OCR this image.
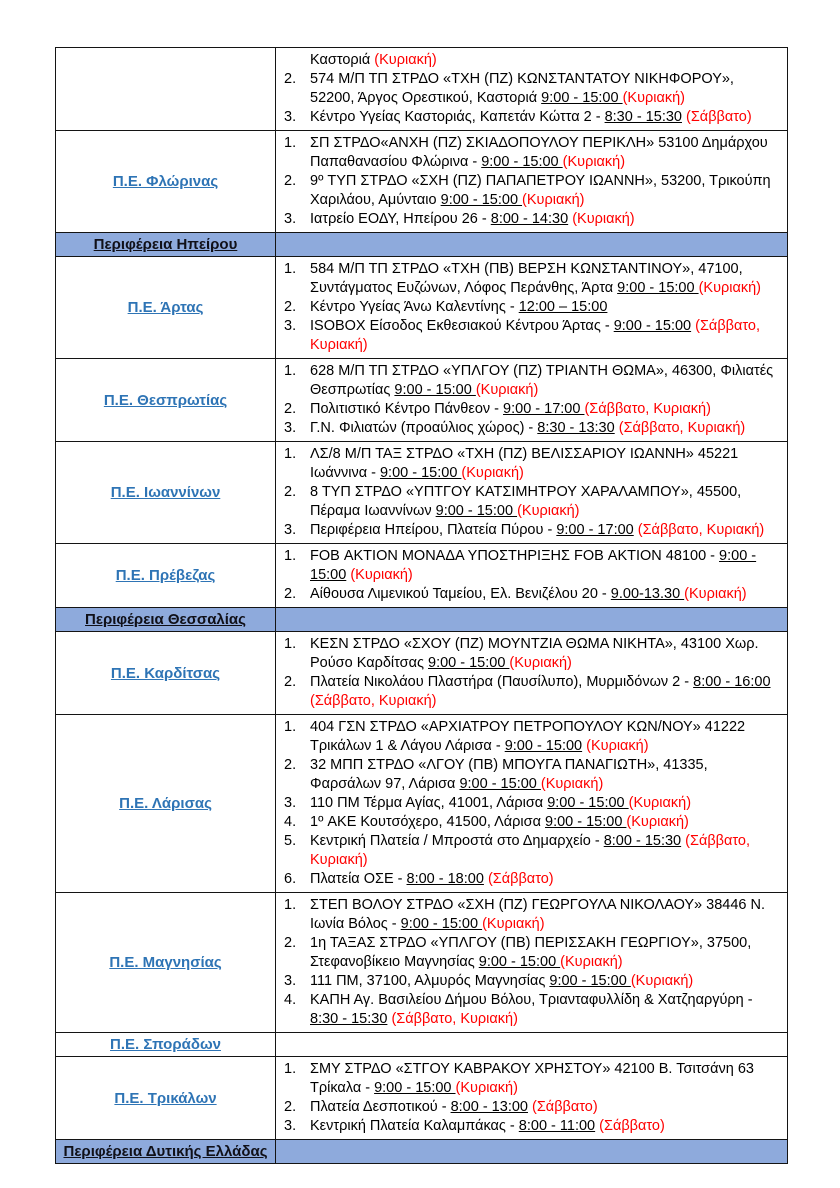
	Καστοριά (Κυριακή)
2. 574 Μ/Π ΤΠ ΣΤΡΔΟ «ΤΧΗ (ΠΖ) ΚΩΝΣΤΑΝΤΑΤΟΥ ΝΙΚΗΦΟΡΟΥ», 52200, Άργος Ορεστικού, Καστοριά 9:00 - 15:00 (Κυριακή)
3. Κέντρο Υγείας Καστοριάς, Καπετάν Κώττα 2 - 8:30 - 15:30 (Σάββατο)

Π.Ε. Φλώρινας	
1. ΣΠ ΣΤΡΔΟ«ΑΝΧΗ (ΠΖ) ΣΚΙΑΔΟΠΟΥΛΟΥ ΠΕΡΙΚΛΗ» 53100 Δημάρχου Παπαθανασίου Φλώρινα - 9:00 - 15:00 (Κυριακή)
2. 9º ΤΥΠ ΣΤΡΔΟ «ΣΧΗ (ΠΖ) ΠΑΠΑΠΕΤΡΟΥ ΙΩΑΝΝΗ», 53200, Τρικούπη Χαριλάου, Αμύνταιο 9:00 - 15:00 (Κυριακή)
3. Ιατρείο ΕΟΔΥ, Ηπείρου 26 - 8:00 - 14:30 (Κυριακή)

Περιφέρεια Ηπείρου	
Π.Ε. Άρτας	
1. 584 Μ/Π ΤΠ ΣΤΡΔΟ «ΤΧΗ (ΠΒ) ΒΕΡΣΗ ΚΩΝΣΤΑΝΤΙΝΟΥ», 47100, Συντάγματος Ευζώνων, Λόφος Περάνθης, Άρτα 9:00 - 15:00 (Κυριακή)
2. Κέντρο Υγείας Άνω Καλεντίνης - 12:00 – 15:00
3. ISOBOX Είσοδος Εκθεσιακού Κέντρου Άρτας - 9:00 - 15:00 (Σάββατο, Κυριακή)

Π.Ε. Θεσπρωτίας	
1. 628 Μ/Π ΤΠ ΣΤΡΔΟ «ΥΠΛΓΟΥ (ΠΖ) ΤΡΙΑΝΤΗ ΘΩΜΑ», 46300, Φιλιατές Θεσπρωτίας 9:00 - 15:00 (Κυριακή)
2. Πολιτιστικό Κέντρο Πάνθεον - 9:00 - 17:00 (Σάββατο, Κυριακή)
3. Γ.Ν. Φιλιατών (προαύλιος χώρος) - 8:30 - 13:30 (Σάββατο, Κυριακή)

Π.Ε. Ιωαννίνων	
1. ΛΣ/8 Μ/Π ΤΑΞ ΣΤΡΔΟ «ΤΧΗ (ΠΖ) ΒΕΛΙΣΣΑΡΙΟΥ ΙΩΑΝΝΗ» 45221 Ιωάννινα - 9:00 - 15:00 (Κυριακή)
2. 8 ΤΥΠ ΣΤΡΔΟ «ΥΠΤΓΟΥ ΚΑΤΣΙΜΗΤΡΟΥ ΧΑΡΑΛΑΜΠΟΥ», 45500, Πέραμα Ιωαννίνων 9:00 - 15:00 (Κυριακή)
3. Περιφέρεια Ηπείρου, Πλατεία Πύρου - 9:00 - 17:00 (Σάββατο, Κυριακή)

Π.Ε. Πρέβεζας	1. FOB ΑΚΤΙΟΝ ΜΟΝΑΔΑ ΥΠΟΣΤΗΡΙΞΗΣ FOB ΑΚΤΙΟΝ 48100 - 9:00 - 15:00 (Κυριακή)
2. Αίθουσα Λιμενικού Ταμείου, Ελ. Βενιζέλου 20 - 9.00-13.30 (Κυριακή)

Περιφέρεια Θεσσαλίας	
Π.Ε. Καρδίτσας	1. ΚΕΣΝ ΣΤΡΔΟ «ΣΧΟΥ (ΠΖ) ΜΟΥΝΤΖΙΑ ΘΩΜΑ ΝΙΚΗΤΑ», 43100 Χωρ. Ρούσο Καρδίτσας 9:00 - 15:00 (Κυριακή)
2. Πλατεία Νικολάου Πλαστήρα (Παυσίλυπο), Μυρμιδόνων 2 - 8:00 - 16:00 (Σάββατο, Κυριακή)

Π.Ε. Λάρισας	
1. 404 ΓΣΝ ΣΤΡΔΟ «ΑΡΧΙΑΤΡΟΥ ΠΕΤΡΟΠΟΥΛΟΥ ΚΩΝ/ΝΟΥ» 41222 Τρικάλων 1 & Λάγου Λάρισα - 9:00 - 15:00 (Κυριακή)
2. 32 ΜΠΠ ΣΤΡΔΟ «ΛΓΟΥ (ΠΒ) ΜΠΟΥΓΑ ΠΑΝΑΓΙΩΤΗ», 41335, Φαρσάλων 97, Λάρισα 9:00 - 15:00 (Κυριακή)
3. 110 ΠΜ Τέρμα Αγίας, 41001, Λάρισα 9:00 - 15:00 (Κυριακή)
4. 1º ΑΚΕ Κουτσόχερο, 41500, Λάρισα 9:00 - 15:00 (Κυριακή)
5. Κεντρική Πλατεία / Μπροστά στο Δημαρχείο - 8:00 - 15:30 (Σάββατο, Κυριακή)
6. Πλατεία ΟΣΕ - 8:00 - 18:00 (Σάββατο)

Π.Ε. Μαγνησίας	
1. ΣΤΕΠ ΒΟΛΟΥ ΣΤΡΔΟ «ΣΧΗ (ΠΖ) ΓΕΩΡΓΟΥΛΑ ΝΙΚΟΛΑΟΥ» 38446 Ν. Ιωνία Βόλος - 9:00 - 15:00 (Κυριακή)
2. 1η ΤΑΞΑΣ ΣΤΡΔΟ «ΥΠΛΓΟΥ (ΠΒ) ΠΕΡΙΣΣΑΚΗ ΓΕΩΡΓΙΟΥ», 37500, Στεφανοβίκειο Μαγνησίας 9:00 - 15:00 (Κυριακή)
3. 111 ΠΜ, 37100, Αλμυρός Μαγνησίας 9:00 - 15:00 (Κυριακή)
4. ΚΑΠΗ Αγ. Βασιλείου Δήμου Βόλου, Τριανταφυλλίδη & Χατζηαργύρη - 8:30 - 15:30 (Σάββατο, Κυριακή)

Π.Ε. Σποράδων	

Π.Ε. Τρικάλων	
1. ΣΜΥ ΣΤΡΔΟ «ΣΤΓΟΥ ΚΑΒΡΑΚΟΥ ΧΡΗΣΤΟΥ» 42100 Β. Τσιτσάνη 63 Τρίκαλα - 9:00 - 15:00 (Κυριακή)
2. Πλατεία Δεσποτικού - 8:00 - 13:00 (Σάββατο)
3. Κεντρική Πλατεία Καλαμπάκας - 8:00 - 11:00 (Σάββατο)

Περιφέρεια Δυτικής Ελλάδας	
